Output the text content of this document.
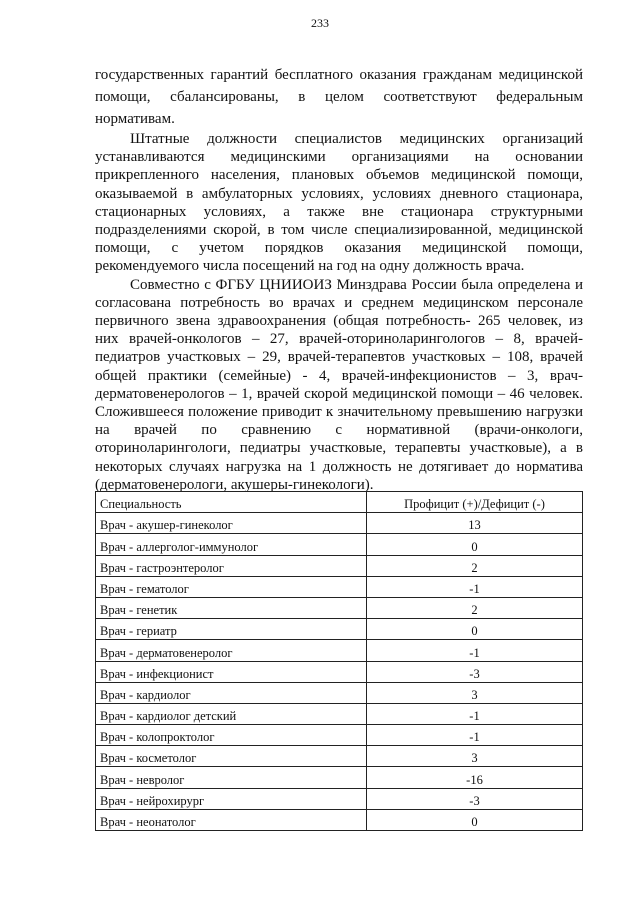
233

государственных гарантий бесплатного оказания гражданам медицинской помощи, сбалансированы, в целом соответствуют федеральным нормативам.

Штатные должности специалистов медицинских организаций устанавливаются медицинскими организациями на основании прикрепленного населения, плановых объемов медицинской помощи, оказываемой в амбулаторных условиях, условиях дневного стационара, стационарных условиях, а также вне стационара структурными подразделениями скорой, в том числе специализированной, медицинской помощи, с учетом порядков оказания медицинской помощи, рекомендуемого числа посещений на год на одну должность врача.

Совместно с ФГБУ ЦНИИОИЗ Минздрава России была определена и согласована потребность во врачах и среднем медицинском персонале первичного звена здравоохранения (общая потребность- 265 человек, из них врачей-онкологов – 27, врачей-оториноларингологов – 8, врачей-педиатров участковых – 29, врачей-терапевтов участковых – 108, врачей общей практики (семейные) - 4, врачей-инфекционистов – 3, врач-дерматовенерологов – 1, врачей скорой медицинской помощи – 46 человек. Сложившееся положение приводит к значительному превышению нагрузки на врачей по сравнению с нормативной (врачи-онкологи, оториноларингологи, педиатры участковые, терапевты участковые), а в некоторых случаях нагрузка на 1 должность не дотягивает до норматива (дерматовенерологи, акушеры-гинекологи).

Специальность	Профицит (+)/Дефицит (-)
Врач - акушер-гинеколог	13
Врач - аллерголог-иммунолог	0
Врач - гастроэнтеролог	2
Врач - гематолог	-1
Врач - генетик	2
Врач - гериатр	0
Врач - дерматовенеролог	-1
Врач - инфекционист	-3
Врач - кардиолог	3
Врач - кардиолог детский	-1
Врач - колопроктолог	-1
Врач - косметолог	3
Врач - невролог	-16
Врач - нейрохирург	-3
Врач - неонатолог	0
